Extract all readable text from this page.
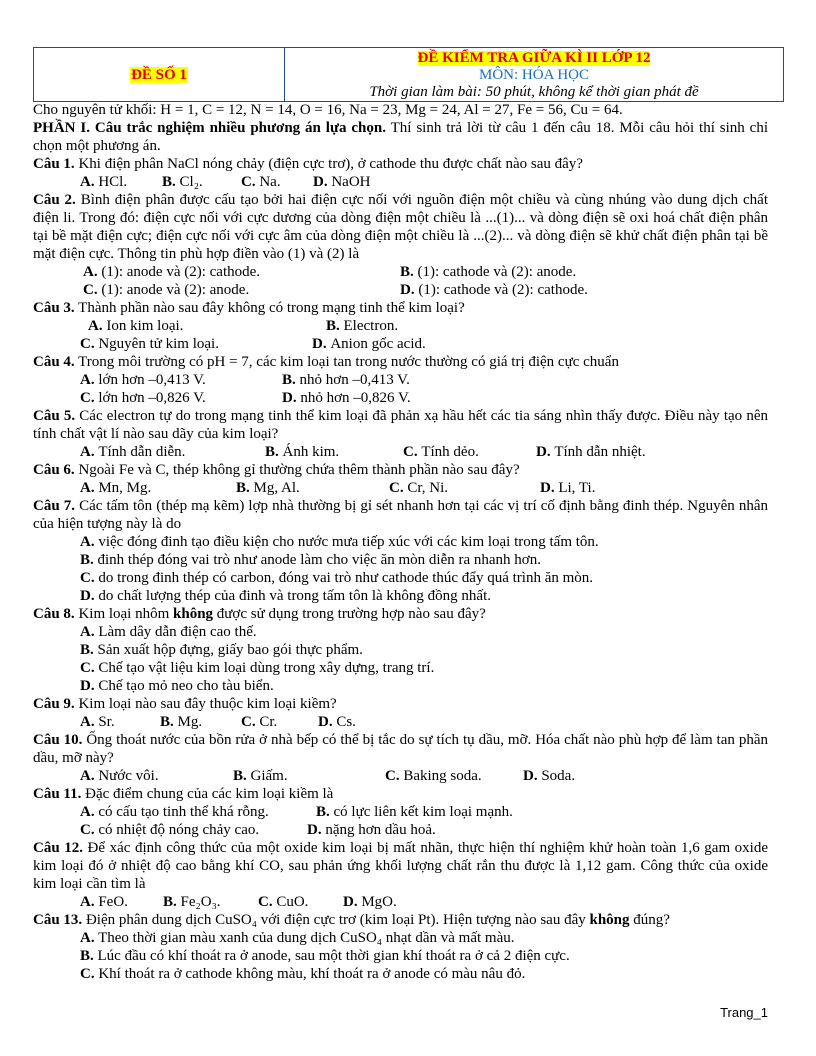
ĐỀ SỐ 1	ĐỀ KIỂM TRA GIỮA KÌ II LỚP 12
MÔN: HÓA HỌC
Thời gian làm bài: 50 phút, không kể thời gian phát đề

Cho nguyên tử khối: H = 1, C = 12, N = 14, O = 16, Na = 23, Mg = 24, Al = 27, Fe = 56, Cu = 64.

PHẦN I. Câu trắc nghiệm nhiều phương án lựa chọn. Thí sinh trả lời từ câu 1 đến câu 18. Mỗi câu hỏi thí sinh chỉ chọn một phương án.

Câu 1. Khi điện phân NaCl nóng chảy (điện cực trơ), ở cathode thu được chất nào sau đây?

A. HCl.	B. Cl₂.	C. Na.	D. NaOH

Câu 2. Bình điện phân được cấu tạo bởi hai điện cực nối với nguồn điện một chiều và cùng nhúng vào dung dịch chất điện li. Trong đó: điện cực nối với cực dương của dòng điện một chiều là ...(1)... và dòng điện sẽ oxi hoá chất điện phân tại bề mặt điện cực; điện cực nối với cực âm của dòng điện một chiều là ...(2)... và dòng điện sẽ khử chất điện phân tại bề mặt điện cực. Thông tin phù hợp điền vào (1) và (2) là

A. (1): anode và (2): cathode.	B. (1): cathode và (2): anode.
C. (1): anode và (2): anode.	D. (1): cathode và (2): cathode.

Câu 3. Thành phần nào sau đây không có trong mạng tinh thể kim loại?

A. Ion kim loại.	B. Electron.
C. Nguyên tử kim loại.	D. Anion gốc acid.

Câu 4. Trong môi trường có pH = 7, các kim loại tan trong nước thường có giá trị điện cực chuẩn

A. lớn hơn –0,413 V.	B. nhỏ hơn –0,413 V.
C. lớn hơn –0,826 V.	D. nhỏ hơn –0,826 V.

Câu 5. Các electron tự do trong mạng tinh thể kim loại đã phản xạ hầu hết các tia sáng nhìn thấy được. Điều này tạo nên tính chất vật lí nào sau dãy của kim loại?

A. Tính dẫn diễn.	B. Ánh kim.	C. Tính dẻo.	D. Tính dẫn nhiệt.

Câu 6. Ngoài Fe và C, thép không gỉ thường chứa thêm thành phần nào sau đây?

A. Mn, Mg.	B. Mg, Al.	C. Cr, Ni.	D. Li, Ti.

Câu 7. Các tấm tôn (thép mạ kẽm) lợp nhà thường bị gỉ sét nhanh hơn tại các vị trí cố định bằng đinh thép. Nguyên nhân của hiện tượng này là do

A. việc đóng đinh tạo điều kiện cho nước mưa tiếp xúc với các kim loại trong tấm tôn.
B. đinh thép đóng vai trò như anode làm cho việc ăn mòn diễn ra nhanh hơn.
C. do trong đinh thép có carbon, đóng vai trò như cathode thúc đẩy quá trình ăn mòn.
D. do chất lượng thép của đinh và trong tấm tôn là không đồng nhất.

Câu 8. Kim loại nhôm không được sử dụng trong trường hợp nào sau đây?

A. Làm dây dẫn điện cao thế.
B. Sản xuất hộp đựng, giấy bao gói thực phẩm.
C. Chế tạo vật liệu kim loại dùng trong xây dựng, trang trí.
D. Chế tạo mỏ neo cho tàu biển.

Câu 9. Kim loại nào sau đây thuộc kim loại kiềm?

A. Sr.	B. Mg.	C. Cr.	D. Cs.

Câu 10. Ống thoát nước của bồn rửa ở nhà bếp có thể bị tắc do sự tích tụ dầu, mỡ. Hóa chất nào phù hợp để làm tan phần dầu, mỡ này?

A. Nước vôi.	B. Giấm.	C. Baking soda.	D. Soda.

Câu 11. Đặc điểm chung của các kim loại kiềm là

A. có cấu tạo tinh thể khá rỗng.	B. có lực liên kết kim loại mạnh.
C. có nhiệt độ nóng chảy cao.	D. nặng hơn dầu hoả.

Câu 12. Để xác định công thức của một oxide kim loại bị mất nhãn, thực hiện thí nghiệm khử hoàn toàn 1,6 gam oxide kim loại đó ở nhiệt độ cao bằng khí CO, sau phản ứng khối lượng chất rắn thu được là 1,12 gam. Công thức của oxide kim loại cần tìm là

A. FeO.	B. Fe₂O₃.	C. CuO.	D. MgO.

Câu 13. Điện phân dung dịch CuSO₄ với điện cực trơ (kim loại Pt). Hiện tượng nào sau đây không đúng?

A. Theo thời gian màu xanh của dung dịch CuSO₄ nhạt dần và mất màu.
B. Lúc đầu có khí thoát ra ở anode, sau một thời gian khí thoát ra ở cả 2 điện cực.
C. Khí thoát ra ở cathode không màu, khí thoát ra ở anode có màu nâu đỏ.
Trang_1
